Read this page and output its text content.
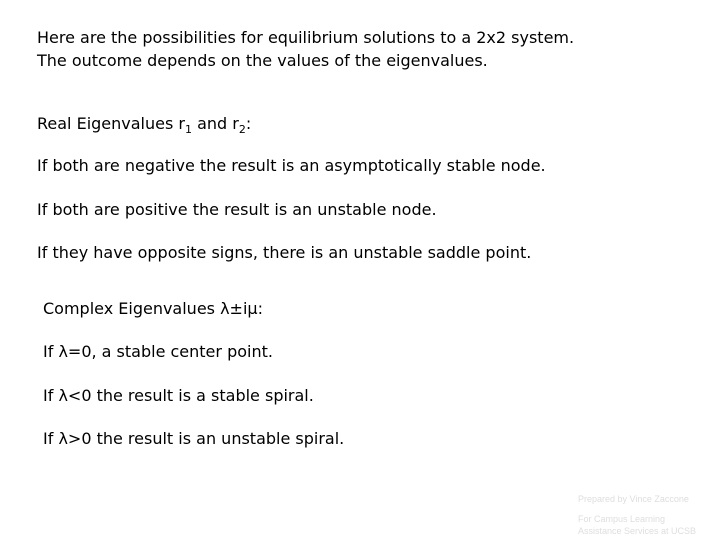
Here are the possibilities for equilibrium solutions to a 2x2 system.
The outcome depends on the values of the eigenvalues.
Real Eigenvalues $r_1$ and $r_2$:
If both are negative the result is an asymptotically stable node.
If both are positive the result is an unstable node.
If they have opposite signs, there is an unstable saddle point.
Complex Eigenvalues λ±iμ:
If λ=0, a stable center point.
If λ<0 the result is a stable spiral.
If λ>0 the result is an unstable spiral.
Prepared by Vince Zaccone
For Campus Learning
Assistance Services at UCSB
